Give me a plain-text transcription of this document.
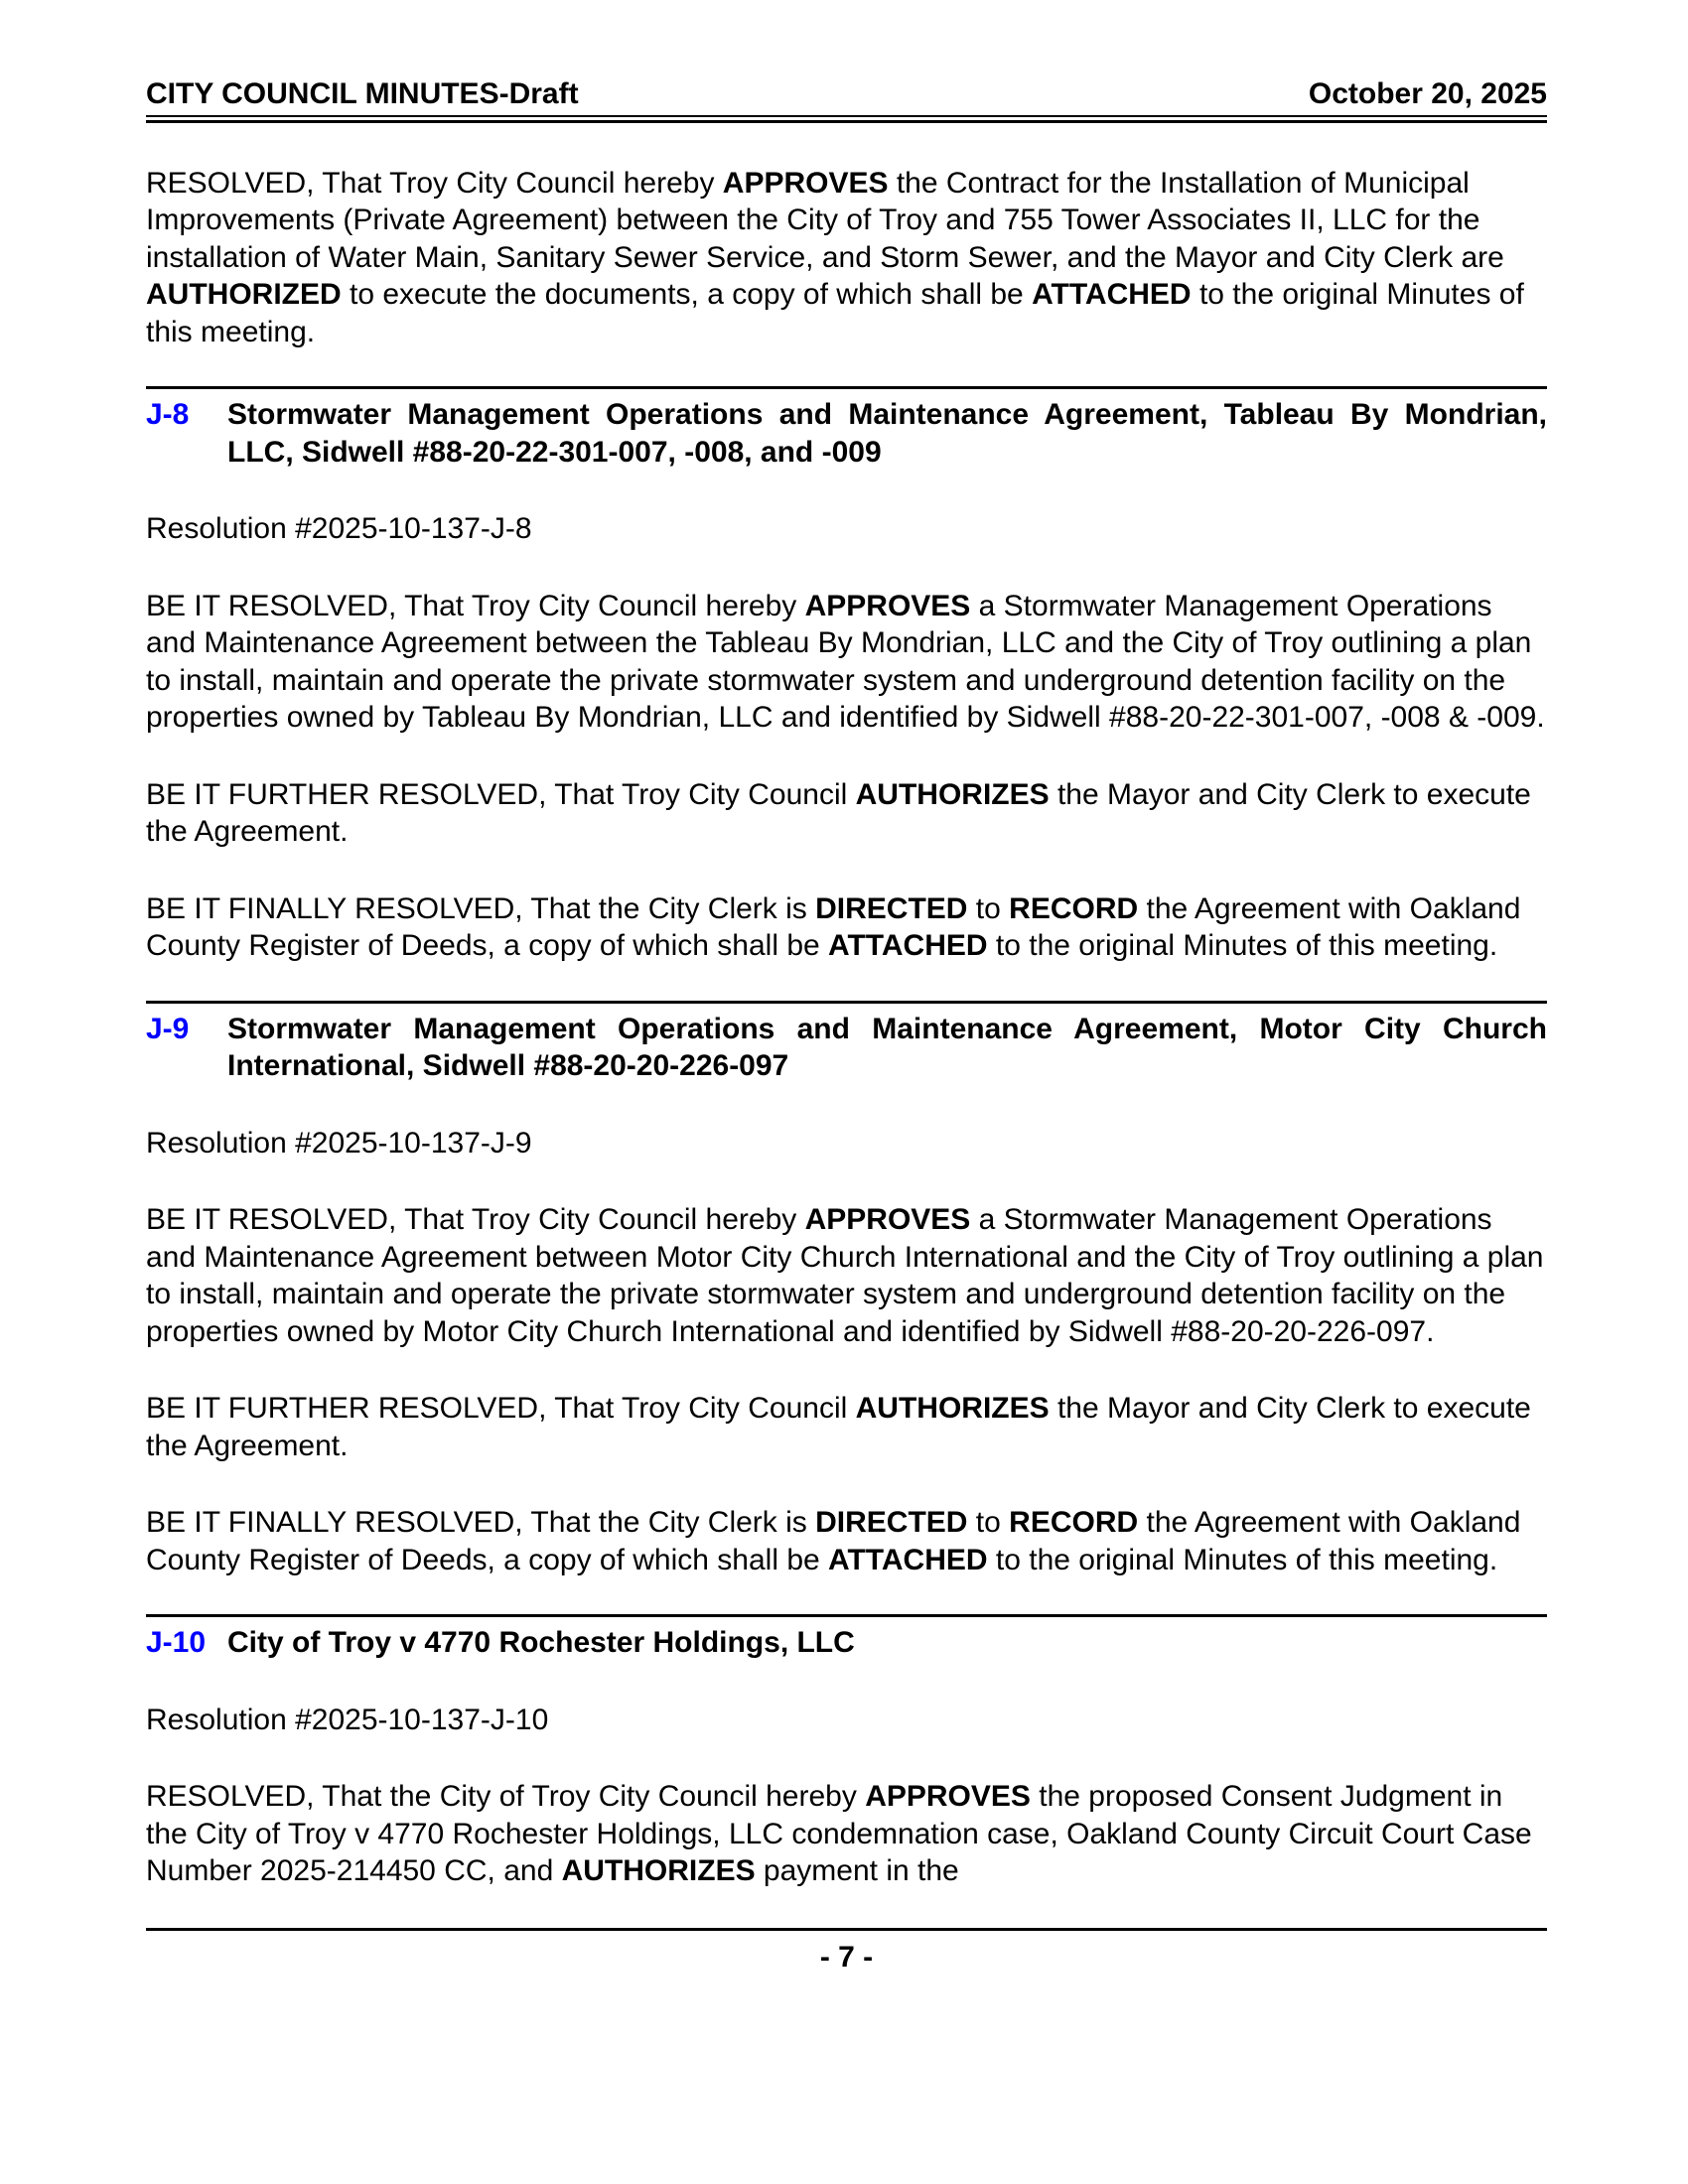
CITY COUNCIL MINUTES-Draft	October 20, 2025
RESOLVED, That Troy City Council hereby APPROVES the Contract for the Installation of Municipal Improvements (Private Agreement) between the City of Troy and 755 Tower Associates II, LLC for the installation of Water Main, Sanitary Sewer Service, and Storm Sewer, and the Mayor and City Clerk are AUTHORIZED to execute the documents, a copy of which shall be ATTACHED to the original Minutes of this meeting.
J-8	Stormwater Management Operations and Maintenance Agreement, Tableau By Mondrian, LLC, Sidwell #88-20-22-301-007, -008, and -009
Resolution #2025-10-137-J-8
BE IT RESOLVED, That Troy City Council hereby APPROVES a Stormwater Management Operations and Maintenance Agreement between the Tableau By Mondrian, LLC and the City of Troy outlining a plan to install, maintain and operate the private stormwater system and underground detention facility on the properties owned by Tableau By Mondrian, LLC and identified by Sidwell #88-20-22-301-007, -008 & -009.
BE IT FURTHER RESOLVED, That Troy City Council AUTHORIZES the Mayor and City Clerk to execute the Agreement.
BE IT FINALLY RESOLVED, That the City Clerk is DIRECTED to RECORD the Agreement with Oakland County Register of Deeds, a copy of which shall be ATTACHED to the original Minutes of this meeting.
J-9	Stormwater Management Operations and Maintenance Agreement, Motor City Church International, Sidwell #88-20-20-226-097
Resolution #2025-10-137-J-9
BE IT RESOLVED, That Troy City Council hereby APPROVES a Stormwater Management Operations and Maintenance Agreement between Motor City Church International and the City of Troy outlining a plan to install, maintain and operate the private stormwater system and underground detention facility on the properties owned by Motor City Church International and identified by Sidwell #88-20-20-226-097.
BE IT FURTHER RESOLVED, That Troy City Council AUTHORIZES the Mayor and City Clerk to execute the Agreement.
BE IT FINALLY RESOLVED, That the City Clerk is DIRECTED to RECORD the Agreement with Oakland County Register of Deeds, a copy of which shall be ATTACHED to the original Minutes of this meeting.
J-10 City of Troy v 4770 Rochester Holdings, LLC
Resolution #2025-10-137-J-10
RESOLVED, That the City of Troy City Council hereby APPROVES the proposed Consent Judgment in the City of Troy v 4770 Rochester Holdings, LLC condemnation case, Oakland County Circuit Court Case Number 2025-214450 CC, and AUTHORIZES payment in the
- 7 -
